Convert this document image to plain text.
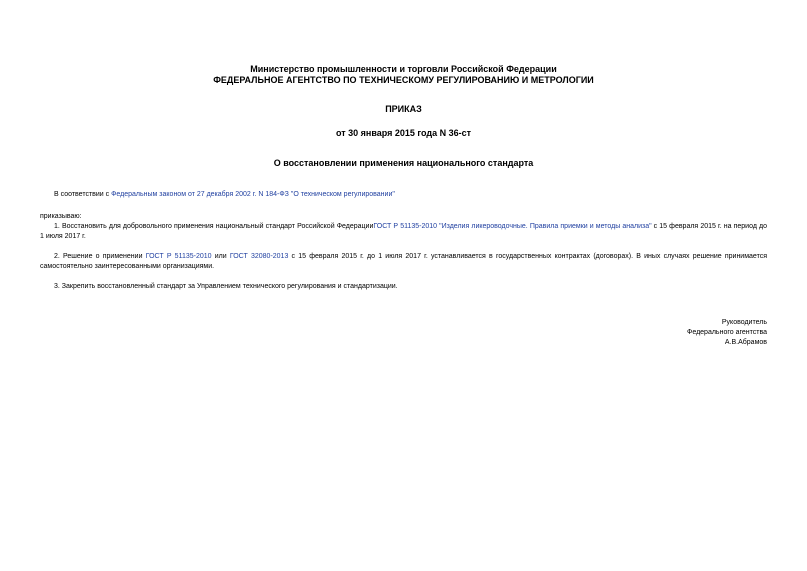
Министерство промышленности и торговли Российской Федерации
ФЕДЕРАЛЬНОЕ АГЕНТСТВО ПО ТЕХНИЧЕСКОМУ РЕГУЛИРОВАНИЮ И МЕТРОЛОГИИ
ПРИКАЗ
от 30 января 2015 года N 36-ст
О восстановлении применения национального стандарта

В соответствии с Федеральным законом от 27 декабря 2002 г. N 184-ФЗ "О техническом регулировании"

приказываю:

1. Восстановить для добровольного применения национальный стандарт Российской ФедерацииГОСТ Р 51135-2010 "Изделия ликероводочные. Правила приемки и методы анализа" с 15 февраля 2015 г. на период до 1 июля 2017 г.

2. Решение о применении ГОСТ Р 51135-2010 или ГОСТ 32080-2013 с 15 февраля 2015 г. до 1 июля 2017 г. устанавливается в государственных контрактах (договорах). В иных случаях решение принимается самостоятельно заинтересованными организациями.

3. Закрепить восстановленный стандарт за Управлением технического регулирования и стандартизации.

Руководитель
Федерального агентства
А.В.Абрамов
